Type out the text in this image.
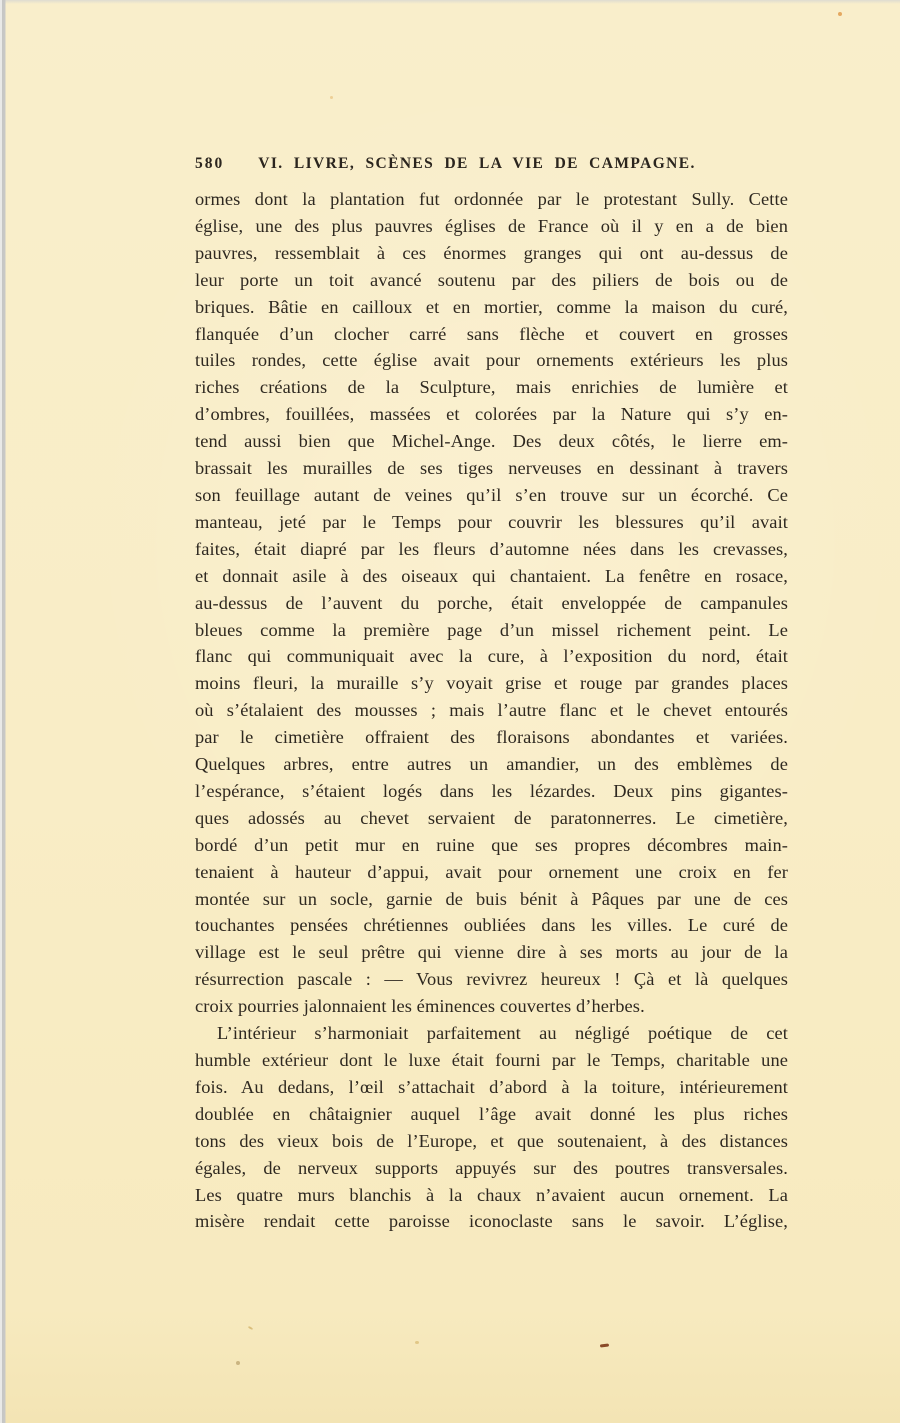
580 VI. LIVRE, SCÈNES DE LA VIE DE CAMPAGNE.
ormes dont la plantation fut ordonnée par le protestant Sully. Cette
église, une des plus pauvres églises de France où il y en a de bien
pauvres, ressemblait à ces énormes granges qui ont au-dessus de
leur porte un toit avancé soutenu par des piliers de bois ou de
briques. Bâtie en cailloux et en mortier, comme la maison du curé,
flanquée d’un clocher carré sans flèche et couvert en grosses
tuiles rondes, cette église avait pour ornements extérieurs les plus
riches créations de la Sculpture, mais enrichies de lumière et
d’ombres, fouillées, massées et colorées par la Nature qui s’y en-
tend aussi bien que Michel-Ange. Des deux côtés, le lierre em-
brassait les murailles de ses tiges nerveuses en dessinant à travers
son feuillage autant de veines qu’il s’en trouve sur un écorché. Ce
manteau, jeté par le Temps pour couvrir les blessures qu’il avait
faites, était diapré par les fleurs d’automne nées dans les crevasses,
et donnait asile à des oiseaux qui chantaient. La fenêtre en rosace,
au-dessus de l’auvent du porche, était enveloppée de campanules
bleues comme la première page d’un missel richement peint. Le
flanc qui communiquait avec la cure, à l’exposition du nord, était
moins fleuri, la muraille s’y voyait grise et rouge par grandes places
où s’étalaient des mousses ; mais l’autre flanc et le chevet entourés
par le cimetière offraient des floraisons abondantes et variées.
Quelques arbres, entre autres un amandier, un des emblèmes de
l’espérance, s’étaient logés dans les lézardes. Deux pins gigantes-
ques adossés au chevet servaient de paratonnerres. Le cimetière,
bordé d’un petit mur en ruine que ses propres décombres main-
tenaient à hauteur d’appui, avait pour ornement une croix en fer
montée sur un socle, garnie de buis bénit à Pâques par une de ces
touchantes pensées chrétiennes oubliées dans les villes. Le curé de
village est le seul prêtre qui vienne dire à ses morts au jour de la
résurrection pascale : — Vous revivrez heureux ! Çà et là quelques
croix pourries jalonnaient les éminences couvertes d’herbes.
L’intérieur s’harmoniait parfaitement au négligé poétique de cet
humble extérieur dont le luxe était fourni par le Temps, charitable une
fois. Au dedans, l’œil s’attachait d’abord à la toiture, intérieurement
doublée en châtaignier auquel l’âge avait donné les plus riches
tons des vieux bois de l’Europe, et que soutenaient, à des distances
égales, de nerveux supports appuyés sur des poutres transversales.
Les quatre murs blanchis à la chaux n’avaient aucun ornement. La
misère rendait cette paroisse iconoclaste sans le savoir. L’église,
